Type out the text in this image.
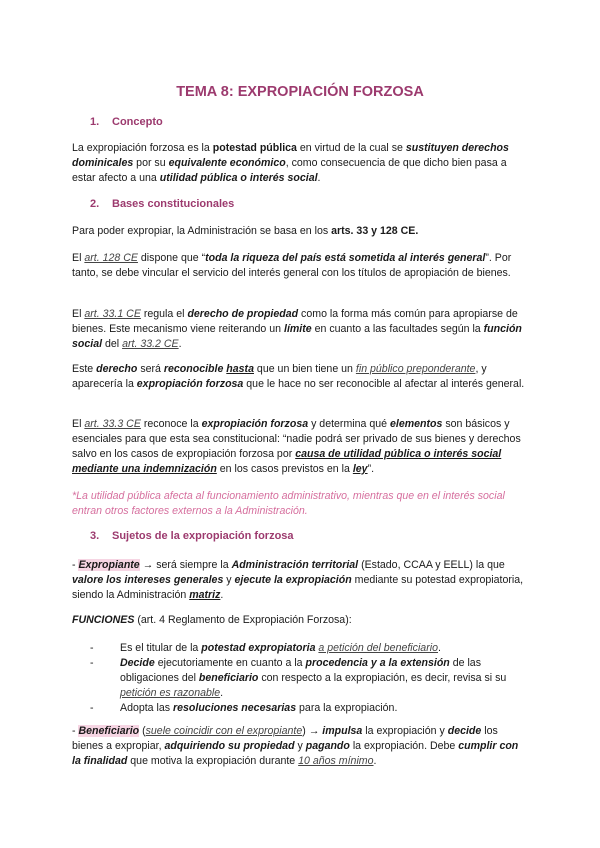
TEMA 8: EXPROPIACIÓN FORZOSA
1. Concepto
La expropiación forzosa es la potestad pública en virtud de la cual se sustituyen derechos dominicales por su equivalente económico, como consecuencia de que dicho bien pasa a estar afecto a una utilidad pública o interés social.
2. Bases constitucionales
Para poder expropiar, la Administración se basa en los arts. 33 y 128 CE.
El art. 128 CE dispone que “toda la riqueza del país está sometida al interés general”. Por tanto, se debe vincular el servicio del interés general con los títulos de apropiación de bienes.
El art. 33.1 CE regula el derecho de propiedad como la forma más común para apropiarse de bienes. Este mecanismo viene reiterando un límite en cuanto a las facultades según la función social del art. 33.2 CE.
Este derecho será reconocible hasta que un bien tiene un fin público preponderante, y aparecería la expropiación forzosa que le hace no ser reconocible al afectar al interés general.
El art. 33.3 CE reconoce la expropiación forzosa y determina qué elementos son básicos y esenciales para que esta sea constitucional: “nadie podrá ser privado de sus bienes y derechos salvo en los casos de expropiación forzosa por causa de utilidad pública o interés social mediante una indemnización en los casos previstos en la ley”.
*La utilidad pública afecta al funcionamiento administrativo, mientras que en el interés social entran otros factores externos a la Administración.
3. Sujetos de la expropiación forzosa
- Expropiante → será siempre la Administración territorial (Estado, CCAA y EELL) la que valore los intereses generales y ejecute la expropiación mediante su potestad expropiatoria, siendo la Administración matriz.
FUNCIONES (art. 4 Reglamento de Expropiación Forzosa):
- Es el titular de la potestad expropiatoria a petición del beneficiario.
- Decide ejecutoriamente en cuanto a la procedencia y a la extensión de las obligaciones del beneficiario con respecto a la expropiación, es decir, revisa si su petición es razonable.
- Adopta las resoluciones necesarias para la expropiación.
- Beneficiario (suele coincidir con el expropiante) → impulsa la expropiación y decide los bienes a expropiar, adquiriendo su propiedad y pagando la expropiación. Debe cumplir con la finalidad que motiva la expropiación durante 10 años mínimo.
